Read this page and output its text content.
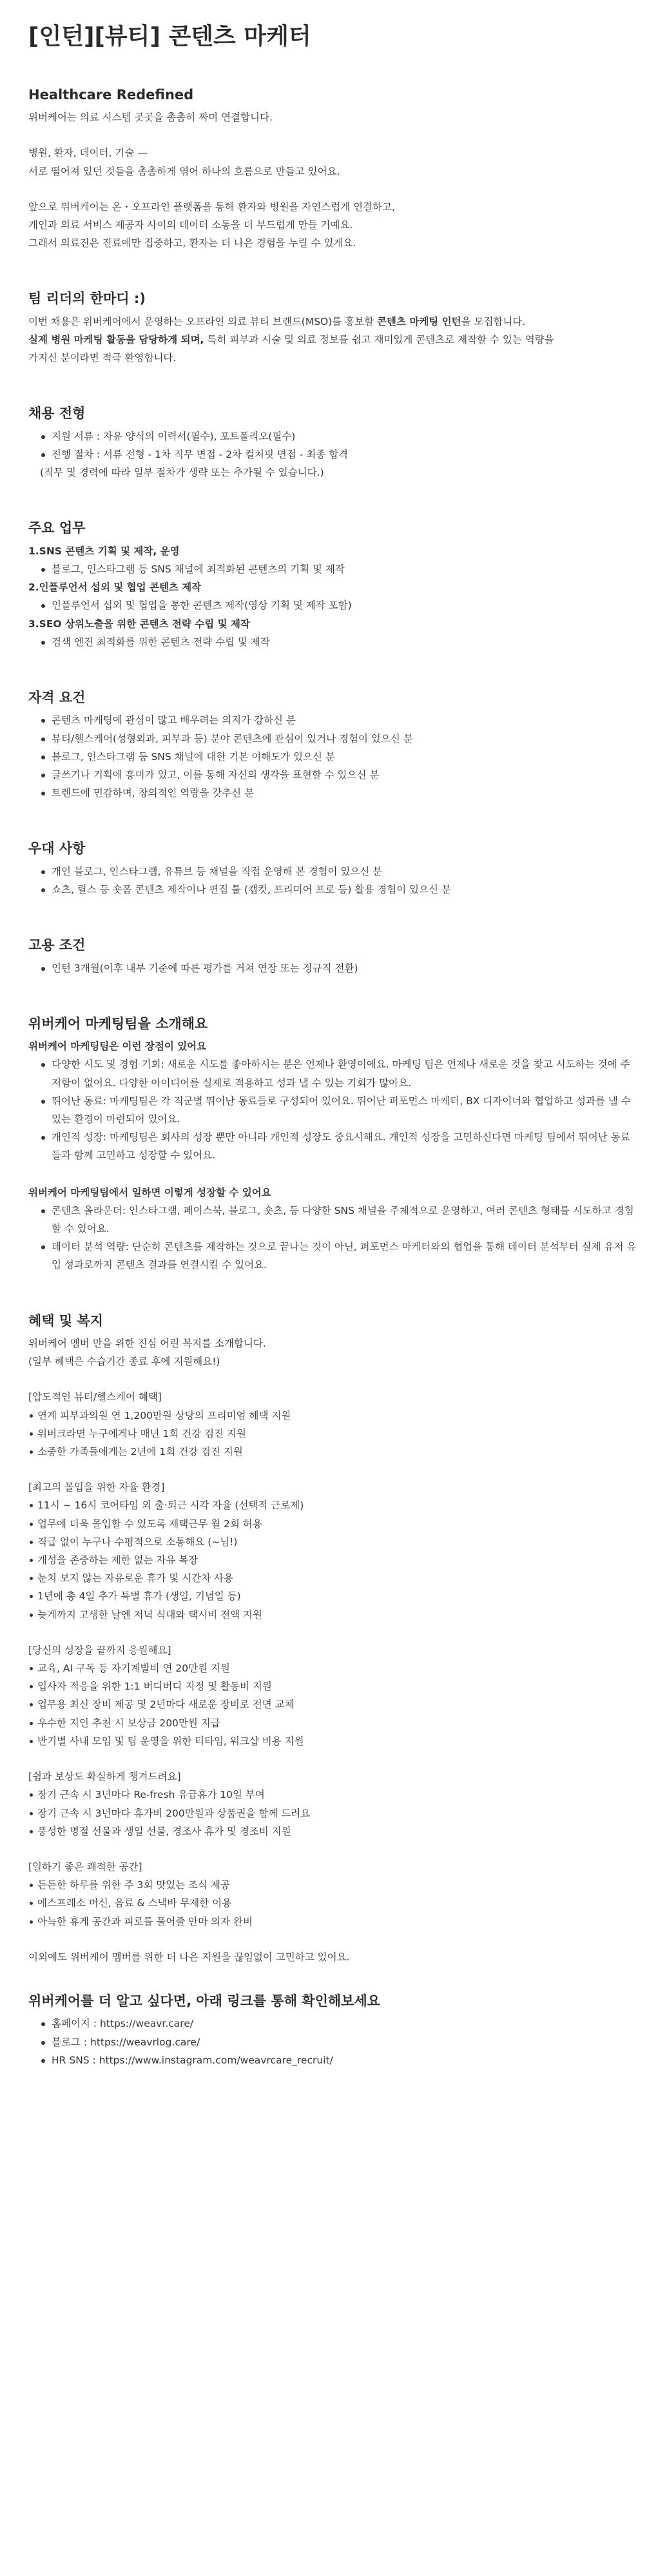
[인턴][뷰티] 콘텐츠 마케터
Healthcare Redefined

위버케어는 의료 시스템 곳곳을 촘촘히 짜며 연결합니다.

병원, 환자, 데이터, 기술 —

서로 떨어져 있던 것들을 촘촘하게 엮어 하나의 흐름으로 만들고 있어요.

앞으로 위버케어는 온・오프라인 플랫폼을 통해 환자와 병원을 자연스럽게 연결하고,

개인과 의료 서비스 제공자 사이의 데이터 소통을 더 부드럽게 만들 거예요.

그래서 의료진은 진료에만 집중하고, 환자는 더 나은 경험을 누릴 수 있게요.

팀 리더의 한마디 :)

이번 채용은 위버케어에서 운영하는 오프라인 의료 뷰티 브랜드(MSO)를 홍보할 콘텐츠 마케팅 인턴을 모집합니다.

실제 병원 마케팅 활동을 담당하게 되며, 특히 피부과 시술 및 의료 정보를 쉽고 재미있게 콘텐츠로 제작할 수 있는 역량을

가지신 분이라면 적극 환영합니다.

채용 전형
지원 서류 : 자유 양식의 이력서(필수), 포트폴리오(필수)
진행 절차 : 서류 전형 - 1차 직무 면접 - 2차 컬처핏 면접 - 최종 합격

(직무 및 경력에 따라 일부 절차가 생략 또는 추가될 수 있습니다.)

주요 업무

1.SNS 콘텐츠 기획 및 제작, 운영

블로그, 인스타그램 등 SNS 채널에 최적화된 콘텐츠의 기획 및 제작

2.인플루언서 섭외 및 협업 콘텐츠 제작

인플루언서 섭외 및 협업을 통한 콘텐츠 제작(영상 기획 및 제작 포함)

3.SEO 상위노출을 위한 콘텐츠 전략 수립 및 제작

검색 엔진 최적화를 위한 콘텐츠 전략 수립 및 제작
자격 요건
콘텐츠 마케팅에 관심이 많고 배우려는 의지가 강하신 분
뷰티/헬스케어(성형외과, 피부과 등) 분야 콘텐츠에 관심이 있거나 경험이 있으신 분
블로그, 인스타그램 등 SNS 채널에 대한 기본 이해도가 있으신 분
글쓰기나 기획에 흥미가 있고, 이를 통해 자신의 생각을 표현할 수 있으신 분
트렌드에 민감하며, 창의적인 역량을 갖추신 분
우대 사항
개인 블로그, 인스타그램, 유튜브 등 채널을 직접 운영해 본 경험이 있으신 분
쇼츠, 릴스 등 숏폼 콘텐츠 제작이나 편집 툴 (캡컷, 프리미어 프로 등) 활용 경험이 있으신 분
고용 조건
인턴 3개월(이후 내부 기준에 따른 평가를 거쳐 연장 또는 정규직 전환)
위버케어 마케팅팀을 소개해요

위버케어 마케팅팀은 이런 장점이 있어요

다양한 시도 및 경험 기회: 새로운 시도를 좋아하시는 분은 언제나 환영이에요. 마케팅 팀은 언제나 새로운 것을 찾고 시도하는 것에 주저함이 없어요. 다양한 아이디어를 실제로 적용하고 성과 낼 수 있는 기회가 많아요.
뛰어난 동료: 마케팅팀은 각 직군별 뛰어난 동료들로 구성되어 있어요. 뛰어난 퍼포먼스 마케터, BX 디자이너와 협업하고 성과를 낼 수 있는 환경이 마련되어 있어요.
개인적 성장: 마케팅팀은 회사의 성장 뿐만 아니라 개인적 성장도 중요시해요. 개인적 성장을 고민하신다면 마케팅 팀에서 뛰어난 동료들과 함께 고민하고 성장할 수 있어요.

위버케어 마케팅팀에서 일하면 이렇게 성장할 수 있어요

콘텐츠 올라운더: 인스타그램, 페이스북, 블로그, 숏츠, 등 다양한 SNS 채널을 주체적으로 운영하고, 여러 콘텐츠 형태를 시도하고 경험할 수 있어요.
데이터 분석 역량: 단순히 콘텐츠를 제작하는 것으로 끝나는 것이 아닌, 퍼포먼스 마케터와의 협업을 통해 데이터 분석부터 실제 유저 유입 성과로까지 콘텐츠 결과를 연결시킬 수 있어요.
혜택 및 복지

위버케어 멤버 만을 위한 진심 어린 복지를 소개합니다.

(일부 혜택은 수습기간 종료 후에 지원해요!)

[압도적인 뷰티/헬스케어 혜택]

연계 피부과의원 연 1,200만원 상당의 프리미엄 혜택 지원
위버크라면 누구에게나 매년 1회 건강 검진 지원
소중한 가족들에게는 2년에 1회 건강 검진 지원

[최고의 몰입을 위한 자율 환경]

11시 ~ 16시 코어타임 외 출·퇴근 시각 자율 (선택적 근로제)
업무에 더욱 몰입할 수 있도록 재택근무 월 2회 허용
직급 없이 누구나 수평적으로 소통해요 (~님!)
개성을 존중하는 제한 없는 자유 복장
눈치 보지 않는 자유로운 휴가 및 시간차 사용
1년에 총 4일 추가 특별 휴가 (생일, 기념일 등)
늦게까지 고생한 날엔 저녁 식대와 택시비 전액 지원

[당신의 성장을 끝까지 응원해요]

교육, AI 구독 등 자기계발비 연 20만원 지원
입사자 적응을 위한 1:1 버디버디 지정 및 활동비 지원
업무용 최신 장비 제공 및 2년마다 새로운 장비로 전면 교체
우수한 지인 추천 시 보상금 200만원 지급
반기별 사내 모임 및 팀 운영을 위한 티타임, 워크샵 비용 지원

[쉼과 보상도 확실하게 챙겨드려요]

장기 근속 시 3년마다 Re-fresh 유급휴가 10일 부여
장기 근속 시 3년마다 휴가비 200만원과 상품권을 함께 드려요
풍성한 명절 선물과 생일 선물, 경조사 휴가 및 경조비 지원

[일하기 좋은 쾌적한 공간]

든든한 하루를 위한 주 3회 맛있는 조식 제공
에스프레소 머신, 음료 & 스낵바 무제한 이용
아늑한 휴게 공간과 피로를 풀어줄 안마 의자 완비

이외에도 위버케어 멤버를 위한 더 나은 지원을 끊임없이 고민하고 있어요.

위버케어를 더 알고 싶다면, 아래 링크를 통해 확인해보세요
홈페이지 : https://weavr.care/
블로그 : https://weavrlog.care/
HR SNS : https://www.instagram.com/weavrcare_recruit/
